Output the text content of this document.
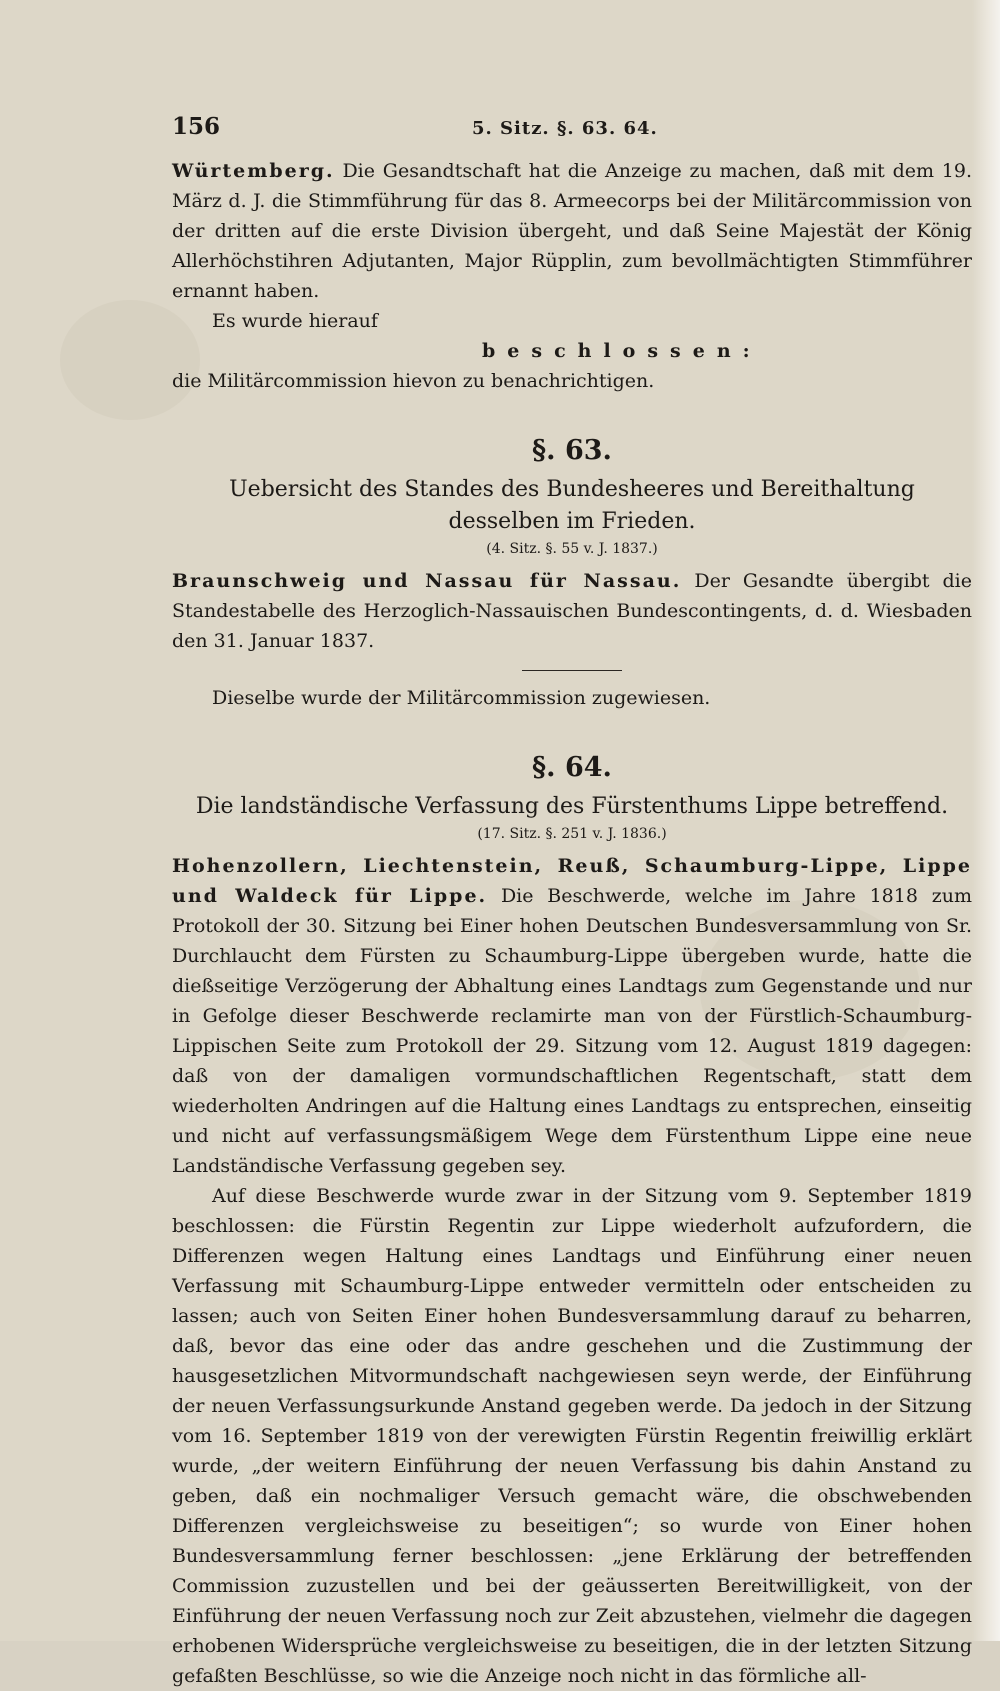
156	5. Sitz. §. 63. 64.

Würtemberg. Die Gesandtschaft hat die Anzeige zu machen, daß mit dem 19. März d. J. die Stimmführung für das 8. Armeecorps bei der Militärcommission von der dritten auf die erste Division übergeht, und daß Seine Majestät der König Allerhöchstihren Adjutanten, Major Rüpplin, zum bevollmächtigten Stimmführer ernannt haben.

Es wurde hierauf

beschlossen:

die Militärcommission hievon zu benachrichtigen.

§. 63.
Uebersicht des Standes des Bundesheeres und Bereithaltung desselben im Frieden.
(4. Sitz. §. 55 v. J. 1837.)

Braunschweig und Nassau für Nassau. Der Gesandte übergibt die Standestabelle des Herzoglich-Nassauischen Bundescontingents, d. d. Wiesbaden den 31. Januar 1837.

Dieselbe wurde der Militärcommission zugewiesen.

§. 64.
Die landständische Verfassung des Fürstenthums Lippe betreffend.
(17. Sitz. §. 251 v. J. 1836.)

Hohenzollern, Liechtenstein, Reuß, Schaumburg-Lippe, Lippe und Waldeck für Lippe. Die Beschwerde, welche im Jahre 1818 zum Protokoll der 30. Sitzung bei Einer hohen Deutschen Bundesversammlung von Sr. Durchlaucht dem Fürsten zu Schaumburg-Lippe übergeben wurde, hatte die dießseitige Verzögerung der Abhaltung eines Landtags zum Gegenstande und nur in Gefolge dieser Beschwerde reclamirte man von der Fürstlich-Schaumburg-Lippischen Seite zum Protokoll der 29. Sitzung vom 12. August 1819 dagegen: daß von der damaligen vormundschaftlichen Regentschaft, statt dem wiederholten Andringen auf die Haltung eines Landtags zu entsprechen, einseitig und nicht auf verfassungsmäßigem Wege dem Fürstenthum Lippe eine neue Landständische Verfassung gegeben sey.

Auf diese Beschwerde wurde zwar in der Sitzung vom 9. September 1819 beschlossen: die Fürstin Regentin zur Lippe wiederholt aufzufordern, die Differenzen wegen Haltung eines Landtags und Einführung einer neuen Verfassung mit Schaumburg-Lippe entweder vermitteln oder entscheiden zu lassen; auch von Seiten Einer hohen Bundesversammlung darauf zu beharren, daß, bevor das eine oder das andre geschehen und die Zustimmung der hausgesetzlichen Mitvormundschaft nachgewiesen seyn werde, der Einführung der neuen Verfassungsurkunde Anstand gegeben werde. Da jedoch in der Sitzung vom 16. September 1819 von der verewigten Fürstin Regentin freiwillig erklärt wurde, „der weitern Einführung der neuen Verfassung bis dahin Anstand zu geben, daß ein nochmaliger Versuch gemacht wäre, die obschwebenden Differenzen vergleichsweise zu beseitigen“; so wurde von Einer hohen Bundesversammlung ferner beschlossen: „jene Erklärung der betreffenden Commission zuzustellen und bei der geäusserten Bereitwilligkeit, von der Einführung der neuen Verfassung noch zur Zeit abzustehen, vielmehr die dagegen erhobenen Widersprüche vergleichsweise zu beseitigen, die in der letzten Sitzung gefaßten Beschlüsse, so wie die Anzeige noch nicht in das förmliche all-
